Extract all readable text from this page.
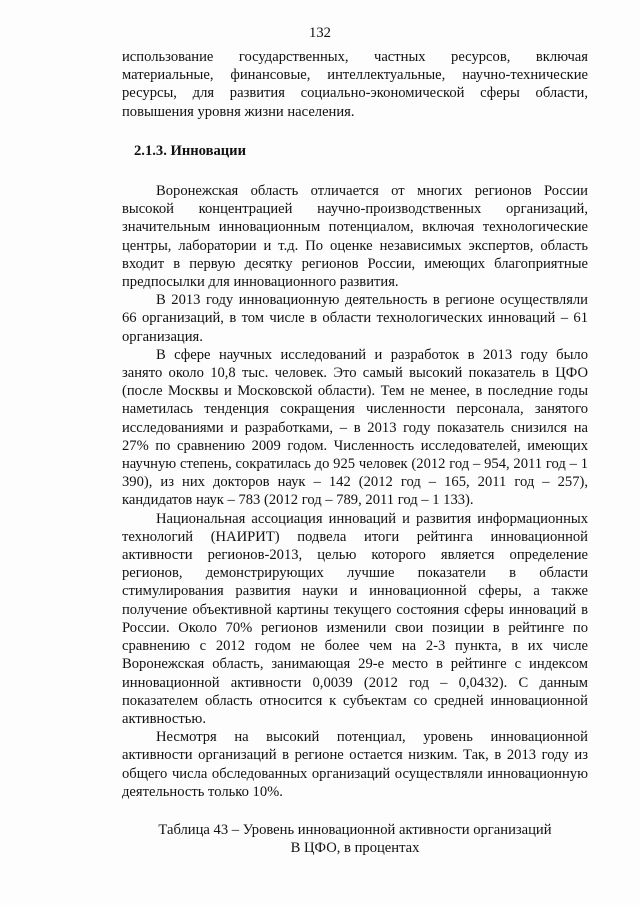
132

использование государственных, частных ресурсов, включая материальные, финансовые, интеллектуальные, научно-технические ресурсы, для развития социально-экономической сферы области, повышения уровня жизни населения.

2.1.3. Инновации

Воронежская область отличается от многих регионов России высокой концентрацией научно-производственных организаций, значительным инновационным потенциалом, включая технологические центры, лаборатории и т.д. По оценке независимых экспертов, область входит в первую десятку регионов России, имеющих благоприятные предпосылки для инновационного развития.

В 2013 году инновационную деятельность в регионе осуществляли 66 организаций, в том числе в области технологических инноваций – 61 организация.

В сфере научных исследований и разработок в 2013 году было занято около 10,8 тыс. человек. Это самый высокий показатель в ЦФО (после Москвы и Московской области). Тем не менее, в последние годы наметилась тенденция сокращения численности персонала, занятого исследованиями и разработками, – в 2013 году показатель снизился на 27% по сравнению 2009 годом. Численность исследователей, имеющих научную степень, сократилась до 925 человек (2012 год – 954, 2011 год – 1 390), из них докторов наук – 142 (2012 год – 165, 2011 год – 257), кандидатов наук – 783 (2012 год – 789, 2011 год – 1 133).

Национальная ассоциация инноваций и развития информационных технологий (НАИРИТ) подвела итоги рейтинга инновационной активности регионов-2013, целью которого является определение регионов, демонстрирующих лучшие показатели в области стимулирования развития науки и инновационной сферы, а также получение объективной картины текущего состояния сферы инноваций в России. Около 70% регионов изменили свои позиции в рейтинге по сравнению с 2012 годом не более чем на 2-3 пункта, в их числе Воронежская область, занимающая 29-е место в рейтинге с индексом инновационной активности 0,0039 (2012 год – 0,0432). С данным показателем область относится к субъектам со средней инновационной активностью.

Несмотря на высокий потенциал, уровень инновационной активности организаций в регионе остается низким. Так, в 2013 году из общего числа обследованных организаций осуществляли инновационную деятельность только 10%.

Таблица 43 – Уровень инновационной активности организаций
В ЦФО, в процентах
